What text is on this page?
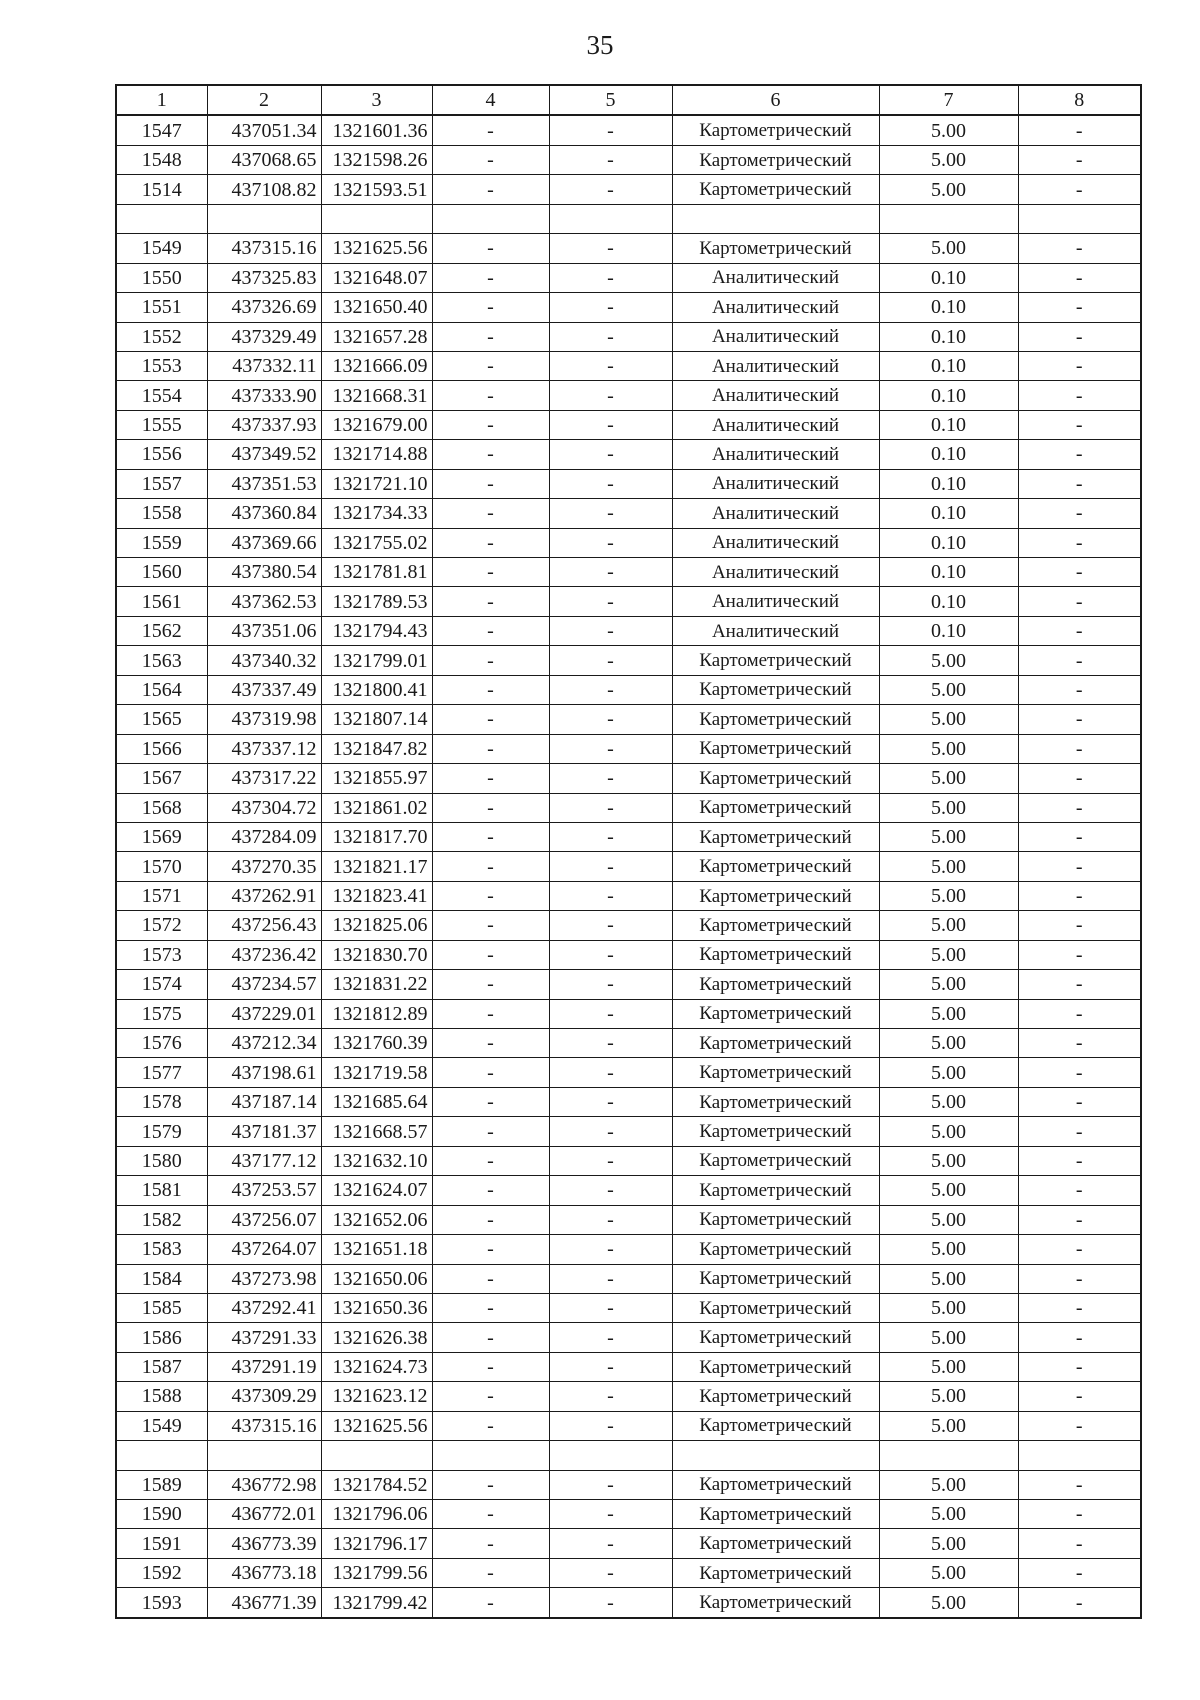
35
1	2	3	4	5	6	7	8
1547	437051.34	1321601.36	-	-	Картометрический	5.00	-
1548	437068.65	1321598.26	-	-	Картометрический	5.00	-
1514	437108.82	1321593.51	-	-	Картометрический	5.00	-

1549	437315.16	1321625.56	-	-	Картометрический	5.00	-
1550	437325.83	1321648.07	-	-	Аналитический	0.10	-
1551	437326.69	1321650.40	-	-	Аналитический	0.10	-
1552	437329.49	1321657.28	-	-	Аналитический	0.10	-
1553	437332.11	1321666.09	-	-	Аналитический	0.10	-
1554	437333.90	1321668.31	-	-	Аналитический	0.10	-
1555	437337.93	1321679.00	-	-	Аналитический	0.10	-
1556	437349.52	1321714.88	-	-	Аналитический	0.10	-
1557	437351.53	1321721.10	-	-	Аналитический	0.10	-
1558	437360.84	1321734.33	-	-	Аналитический	0.10	-
1559	437369.66	1321755.02	-	-	Аналитический	0.10	-
1560	437380.54	1321781.81	-	-	Аналитический	0.10	-
1561	437362.53	1321789.53	-	-	Аналитический	0.10	-
1562	437351.06	1321794.43	-	-	Аналитический	0.10	-
1563	437340.32	1321799.01	-	-	Картометрический	5.00	-
1564	437337.49	1321800.41	-	-	Картометрический	5.00	-
1565	437319.98	1321807.14	-	-	Картометрический	5.00	-
1566	437337.12	1321847.82	-	-	Картометрический	5.00	-
1567	437317.22	1321855.97	-	-	Картометрический	5.00	-
1568	437304.72	1321861.02	-	-	Картометрический	5.00	-
1569	437284.09	1321817.70	-	-	Картометрический	5.00	-
1570	437270.35	1321821.17	-	-	Картометрический	5.00	-
1571	437262.91	1321823.41	-	-	Картометрический	5.00	-
1572	437256.43	1321825.06	-	-	Картометрический	5.00	-
1573	437236.42	1321830.70	-	-	Картометрический	5.00	-
1574	437234.57	1321831.22	-	-	Картометрический	5.00	-
1575	437229.01	1321812.89	-	-	Картометрический	5.00	-
1576	437212.34	1321760.39	-	-	Картометрический	5.00	-
1577	437198.61	1321719.58	-	-	Картометрический	5.00	-
1578	437187.14	1321685.64	-	-	Картометрический	5.00	-
1579	437181.37	1321668.57	-	-	Картометрический	5.00	-
1580	437177.12	1321632.10	-	-	Картометрический	5.00	-
1581	437253.57	1321624.07	-	-	Картометрический	5.00	-
1582	437256.07	1321652.06	-	-	Картометрический	5.00	-
1583	437264.07	1321651.18	-	-	Картометрический	5.00	-
1584	437273.98	1321650.06	-	-	Картометрический	5.00	-
1585	437292.41	1321650.36	-	-	Картометрический	5.00	-
1586	437291.33	1321626.38	-	-	Картометрический	5.00	-
1587	437291.19	1321624.73	-	-	Картометрический	5.00	-
1588	437309.29	1321623.12	-	-	Картометрический	5.00	-
1549	437315.16	1321625.56	-	-	Картометрический	5.00	-

1589	436772.98	1321784.52	-	-	Картометрический	5.00	-
1590	436772.01	1321796.06	-	-	Картометрический	5.00	-
1591	436773.39	1321796.17	-	-	Картометрический	5.00	-
1592	436773.18	1321799.56	-	-	Картометрический	5.00	-
1593	436771.39	1321799.42	-	-	Картометрический	5.00	-
